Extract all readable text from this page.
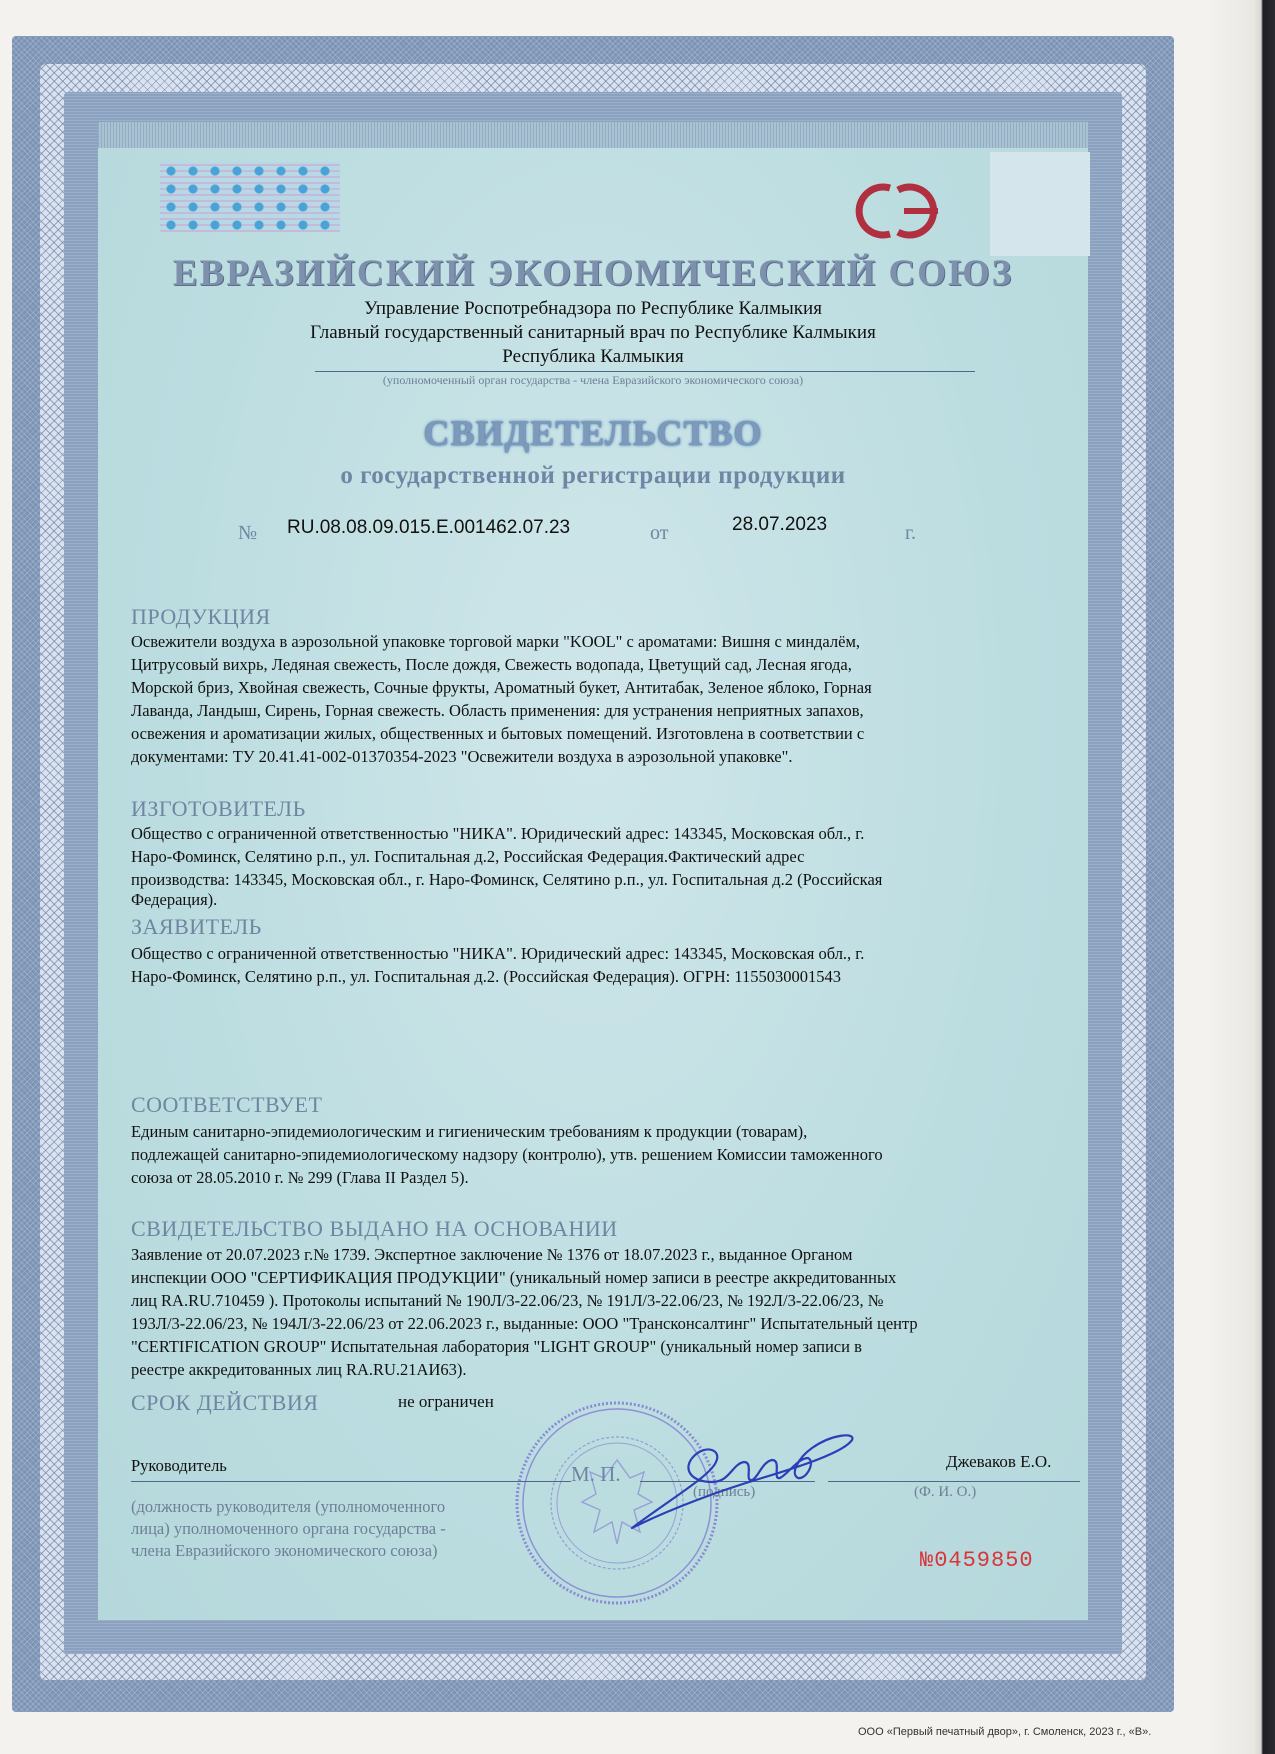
ЕВРАЗИЙСКИЙ ЭКОНОМИЧЕСКИЙ СОЮЗ
Управление Роспотребнадзора по Республике Калмыкия
Главный государственный санитарный врач по Республике Калмыкия
Республика Калмыкия
(уполномоченный орган государства - члена Евразийского экономического союза)
СВИДЕТЕЛЬСТВО
о государственной регистрации продукции
№ RU.08.08.09.015.E.001462.07.23	от	28.07.2023	г.
ПРОДУКЦИЯ
Освежители воздуха в аэрозольной упаковке торговой марки "KOOL" с ароматами: Вишня с миндалём,
Цитрусовый вихрь, Ледяная свежесть, После дождя, Свежесть водопада, Цветущий сад, Лесная ягода,
Морской бриз, Хвойная свежесть, Сочные фрукты, Ароматный букет, Антитабак, Зеленое яблоко, Горная
Лаванда, Ландыш, Сирень, Горная свежесть. Область применения: для устранения неприятных запахов,
освежения и ароматизации жилых, общественных и бытовых помещений. Изготовлена в соответствии с
документами: ТУ 20.41.41-002-01370354-2023 "Освежители воздуха в аэрозольной упаковке".
ИЗГОТОВИТЕЛЬ
Общество с ограниченной ответственностью "НИКА". Юридический адрес: 143345, Московская обл., г.
Наро-Фоминск, Селятино р.п., ул. Госпитальная д.2, Российская Федерация.Фактический адрес
производства: 143345, Московская обл., г. Наро-Фоминск, Селятино р.п., ул. Госпитальная д.2 (Российская
Федерация).
ЗАЯВИТЕЛЬ
Общество с ограниченной ответственностью "НИКА". Юридический адрес: 143345, Московская обл., г.
Наро-Фоминск, Селятино р.п., ул. Госпитальная д.2. (Российская Федерация). ОГРН: 1155030001543
СООТВЕТСТВУЕТ
Единым санитарно-эпидемиологическим и гигиеническим требованиям к продукции (товарам),
подлежащей санитарно-эпидемиологическому надзору (контролю), утв. решением Комиссии таможенного
союза от 28.05.2010 г. № 299 (Глава II Раздел 5).
СВИДЕТЕЛЬСТВО ВЫДАНО НА ОСНОВАНИИ
Заявление от 20.07.2023 г.№ 1739. Экспертное заключение № 1376 от 18.07.2023 г., выданное Органом
инспекции ООО "СЕРТИФИКАЦИЯ ПРОДУКЦИИ" (уникальный номер записи в реестре аккредитованных
лиц RA.RU.710459 ). Протоколы испытаний № 190Л/3-22.06/23, № 191Л/3-22.06/23, № 192Л/3-22.06/23, №
193Л/3-22.06/23, № 194Л/3-22.06/23 от 22.06.2023 г., выданные: ООО "Трансконсалтинг" Испытательный центр
"CERTIFICATION GROUP" Испытательная лаборатория "LIGHT GROUP" (уникальный номер записи в
реестре аккредитованных лиц RA.RU.21АИ63).
СРОК ДЕЙСТВИЯ	не ограничен
Руководитель	М. П.
(подпись)
Джеваков Е.О.
(Ф. И. О.)
(должность руководителя (уполномоченного
лица) уполномоченного органа государства -
члена Евразийского экономического союза)	№0459850
ООО «Первый печатный двор», г. Смоленск, 2023 г., «В».
